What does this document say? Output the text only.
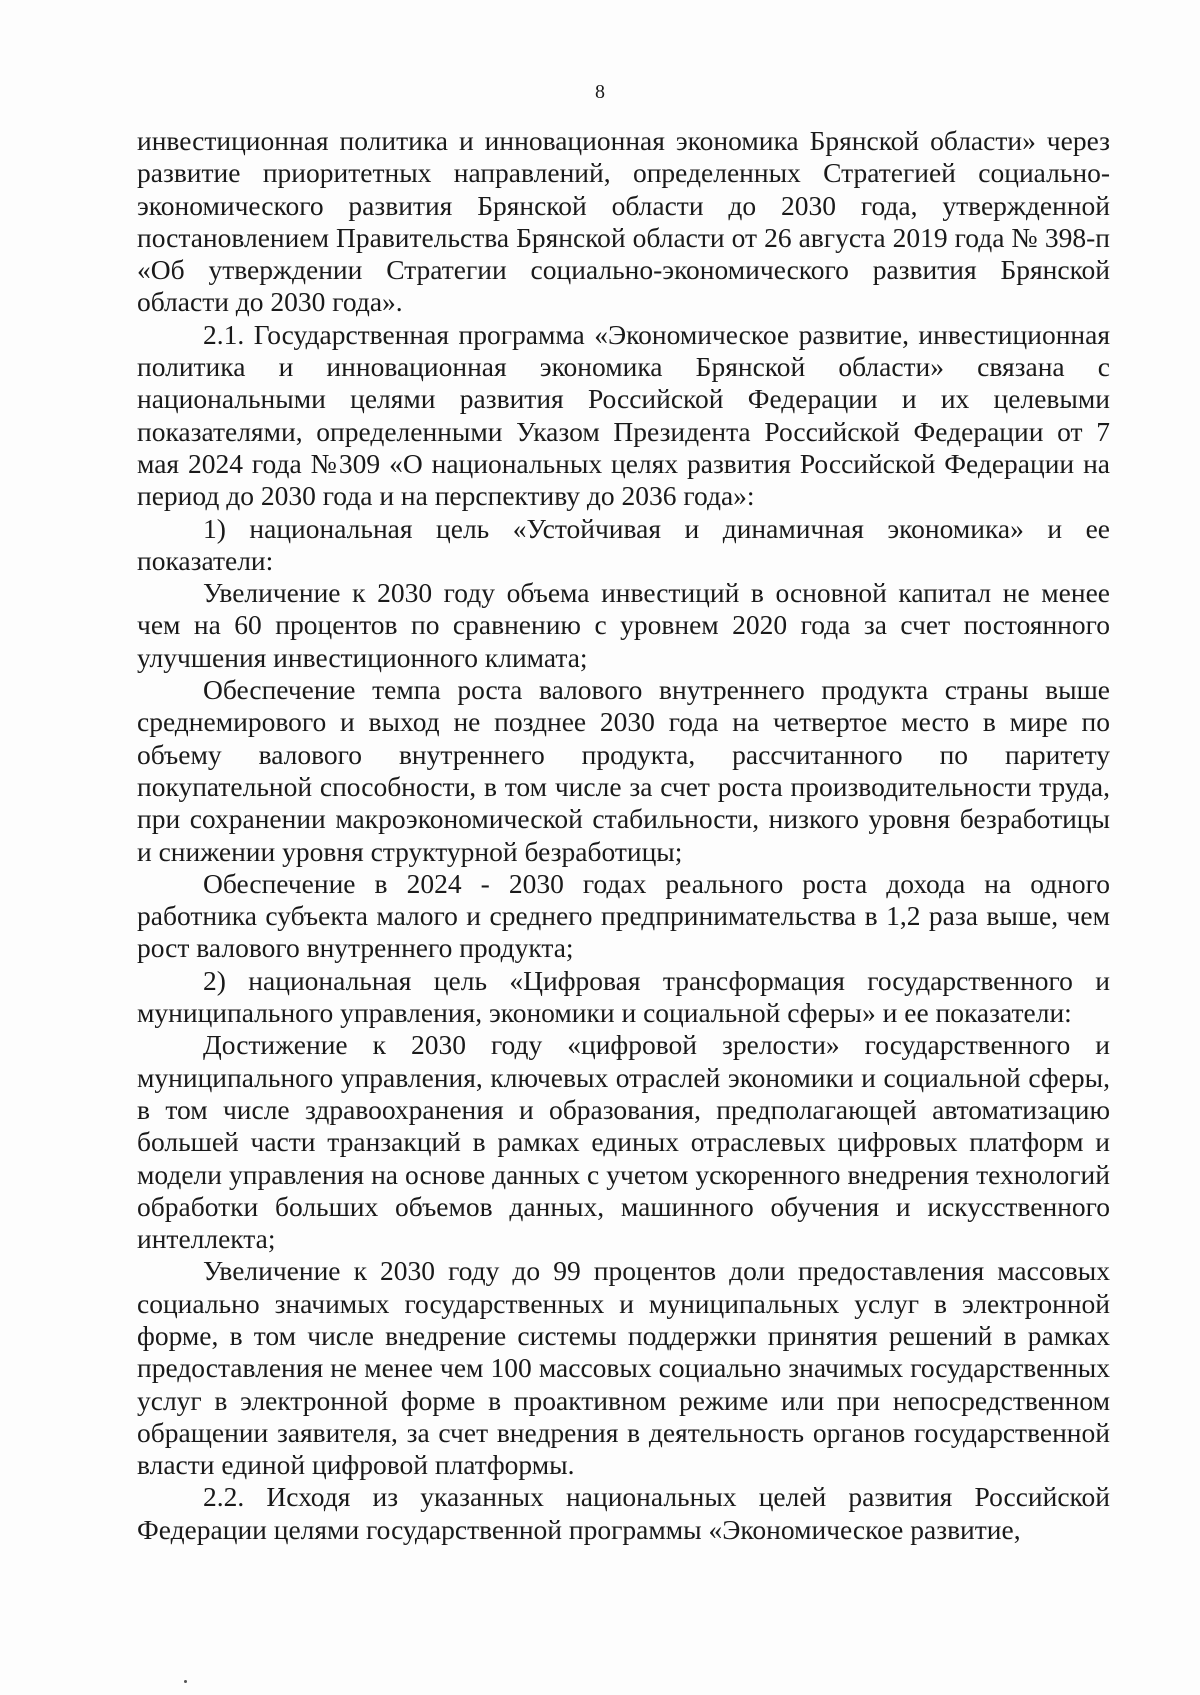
8

инвестиционная политика и инновационная экономика Брянской области» через развитие приоритетных направлений, определенных Стратегией социально-экономического развития Брянской области до 2030 года, утвержденной постановлением Правительства Брянской области от 26 августа 2019 года № 398-п «Об утверждении Стратегии социально-экономического развития Брянской области до 2030 года».

2.1. Государственная программа «Экономическое развитие, инвестиционная политика и инновационная экономика Брянской области» связана с национальными целями развития Российской Федерации и их целевыми показателями, определенными Указом Президента Российской Федерации от 7 мая 2024 года №309 «О национальных целях развития Российской Федерации на период до 2030 года и на перспективу до 2036 года»:

1) национальная цель «Устойчивая и динамичная экономика» и ее показатели:

Увеличение к 2030 году объема инвестиций в основной капитал не менее чем на 60 процентов по сравнению с уровнем 2020 года за счет постоянного улучшения инвестиционного климата;

Обеспечение темпа роста валового внутреннего продукта страны выше среднемирового и выход не позднее 2030 года на четвертое место в мире по объему валового внутреннего продукта, рассчитанного по паритету покупательной способности, в том числе за счет роста производительности труда, при сохранении макроэкономической стабильности, низкого уровня безработицы и снижении уровня структурной безработицы;

Обеспечение в 2024 - 2030 годах реального роста дохода на одного работника субъекта малого и среднего предпринимательства в 1,2 раза выше, чем рост валового внутреннего продукта;

2) национальная цель «Цифровая трансформация государственного и муниципального управления, экономики и социальной сферы» и ее показатели:

Достижение к 2030 году «цифровой зрелости» государственного и муниципального управления, ключевых отраслей экономики и социальной сферы, в том числе здравоохранения и образования, предполагающей автоматизацию большей части транзакций в рамках единых отраслевых цифровых платформ и модели управления на основе данных с учетом ускоренного внедрения технологий обработки больших объемов данных, машинного обучения и искусственного интеллекта;

Увеличение к 2030 году до 99 процентов доли предоставления массовых социально значимых государственных и муниципальных услуг в электронной форме, в том числе внедрение системы поддержки принятия решений в рамках предоставления не менее чем 100 массовых социально значимых государственных услуг в электронной форме в проактивном режиме или при непосредственном обращении заявителя, за счет внедрения в деятельность органов государственной власти единой цифровой платформы.

2.2. Исходя из указанных национальных целей развития Российской Федерации целями государственной программы «Экономическое развитие,
